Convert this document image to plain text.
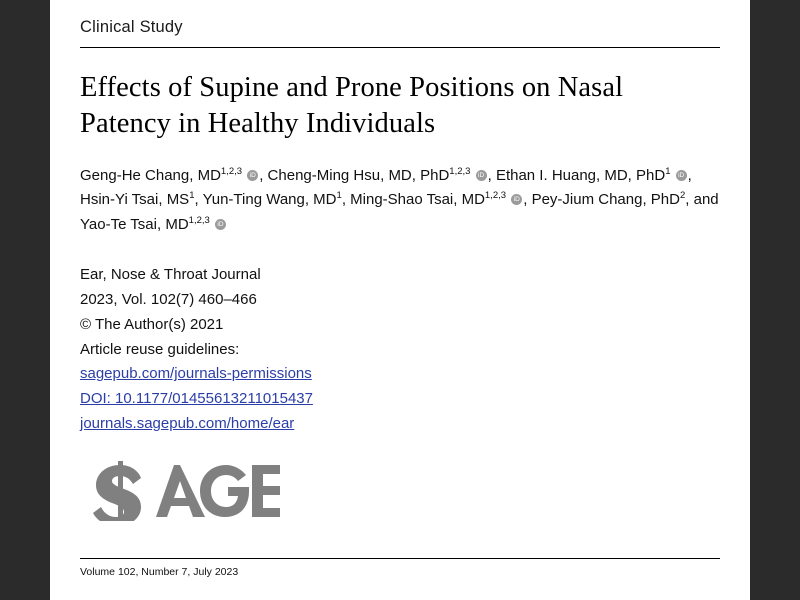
Clinical Study
Effects of Supine and Prone Positions on Nasal Patency in Healthy Individuals
Geng-He Chang, MD$^{1,2,3}$ iD , Cheng-Ming Hsu, MD, PhD$^{1,2,3}$ iD , Ethan I. Huang, MD, PhD$^1$ iD , Hsin-Yi Tsai, $MS^1$, Yun-Ting Wang, $MD^1$, Ming-Shao Tsai, MD$^{1,2,3}$ iD , Pey-Jium Chang, PhD$^2$, and Yao-Te Tsai, MD$^{1,2,3}$ iD
Ear, Nose & Throat Journal
2023, Vol. 102(7) 460–466
© The Author(s) 2021
Article reuse guidelines:
sagepub.com/journals-permissions
DOI: 10.1177/01455613211015437
journals.sagepub.com/home/ear
Volume 102, Number 7, July 2023
